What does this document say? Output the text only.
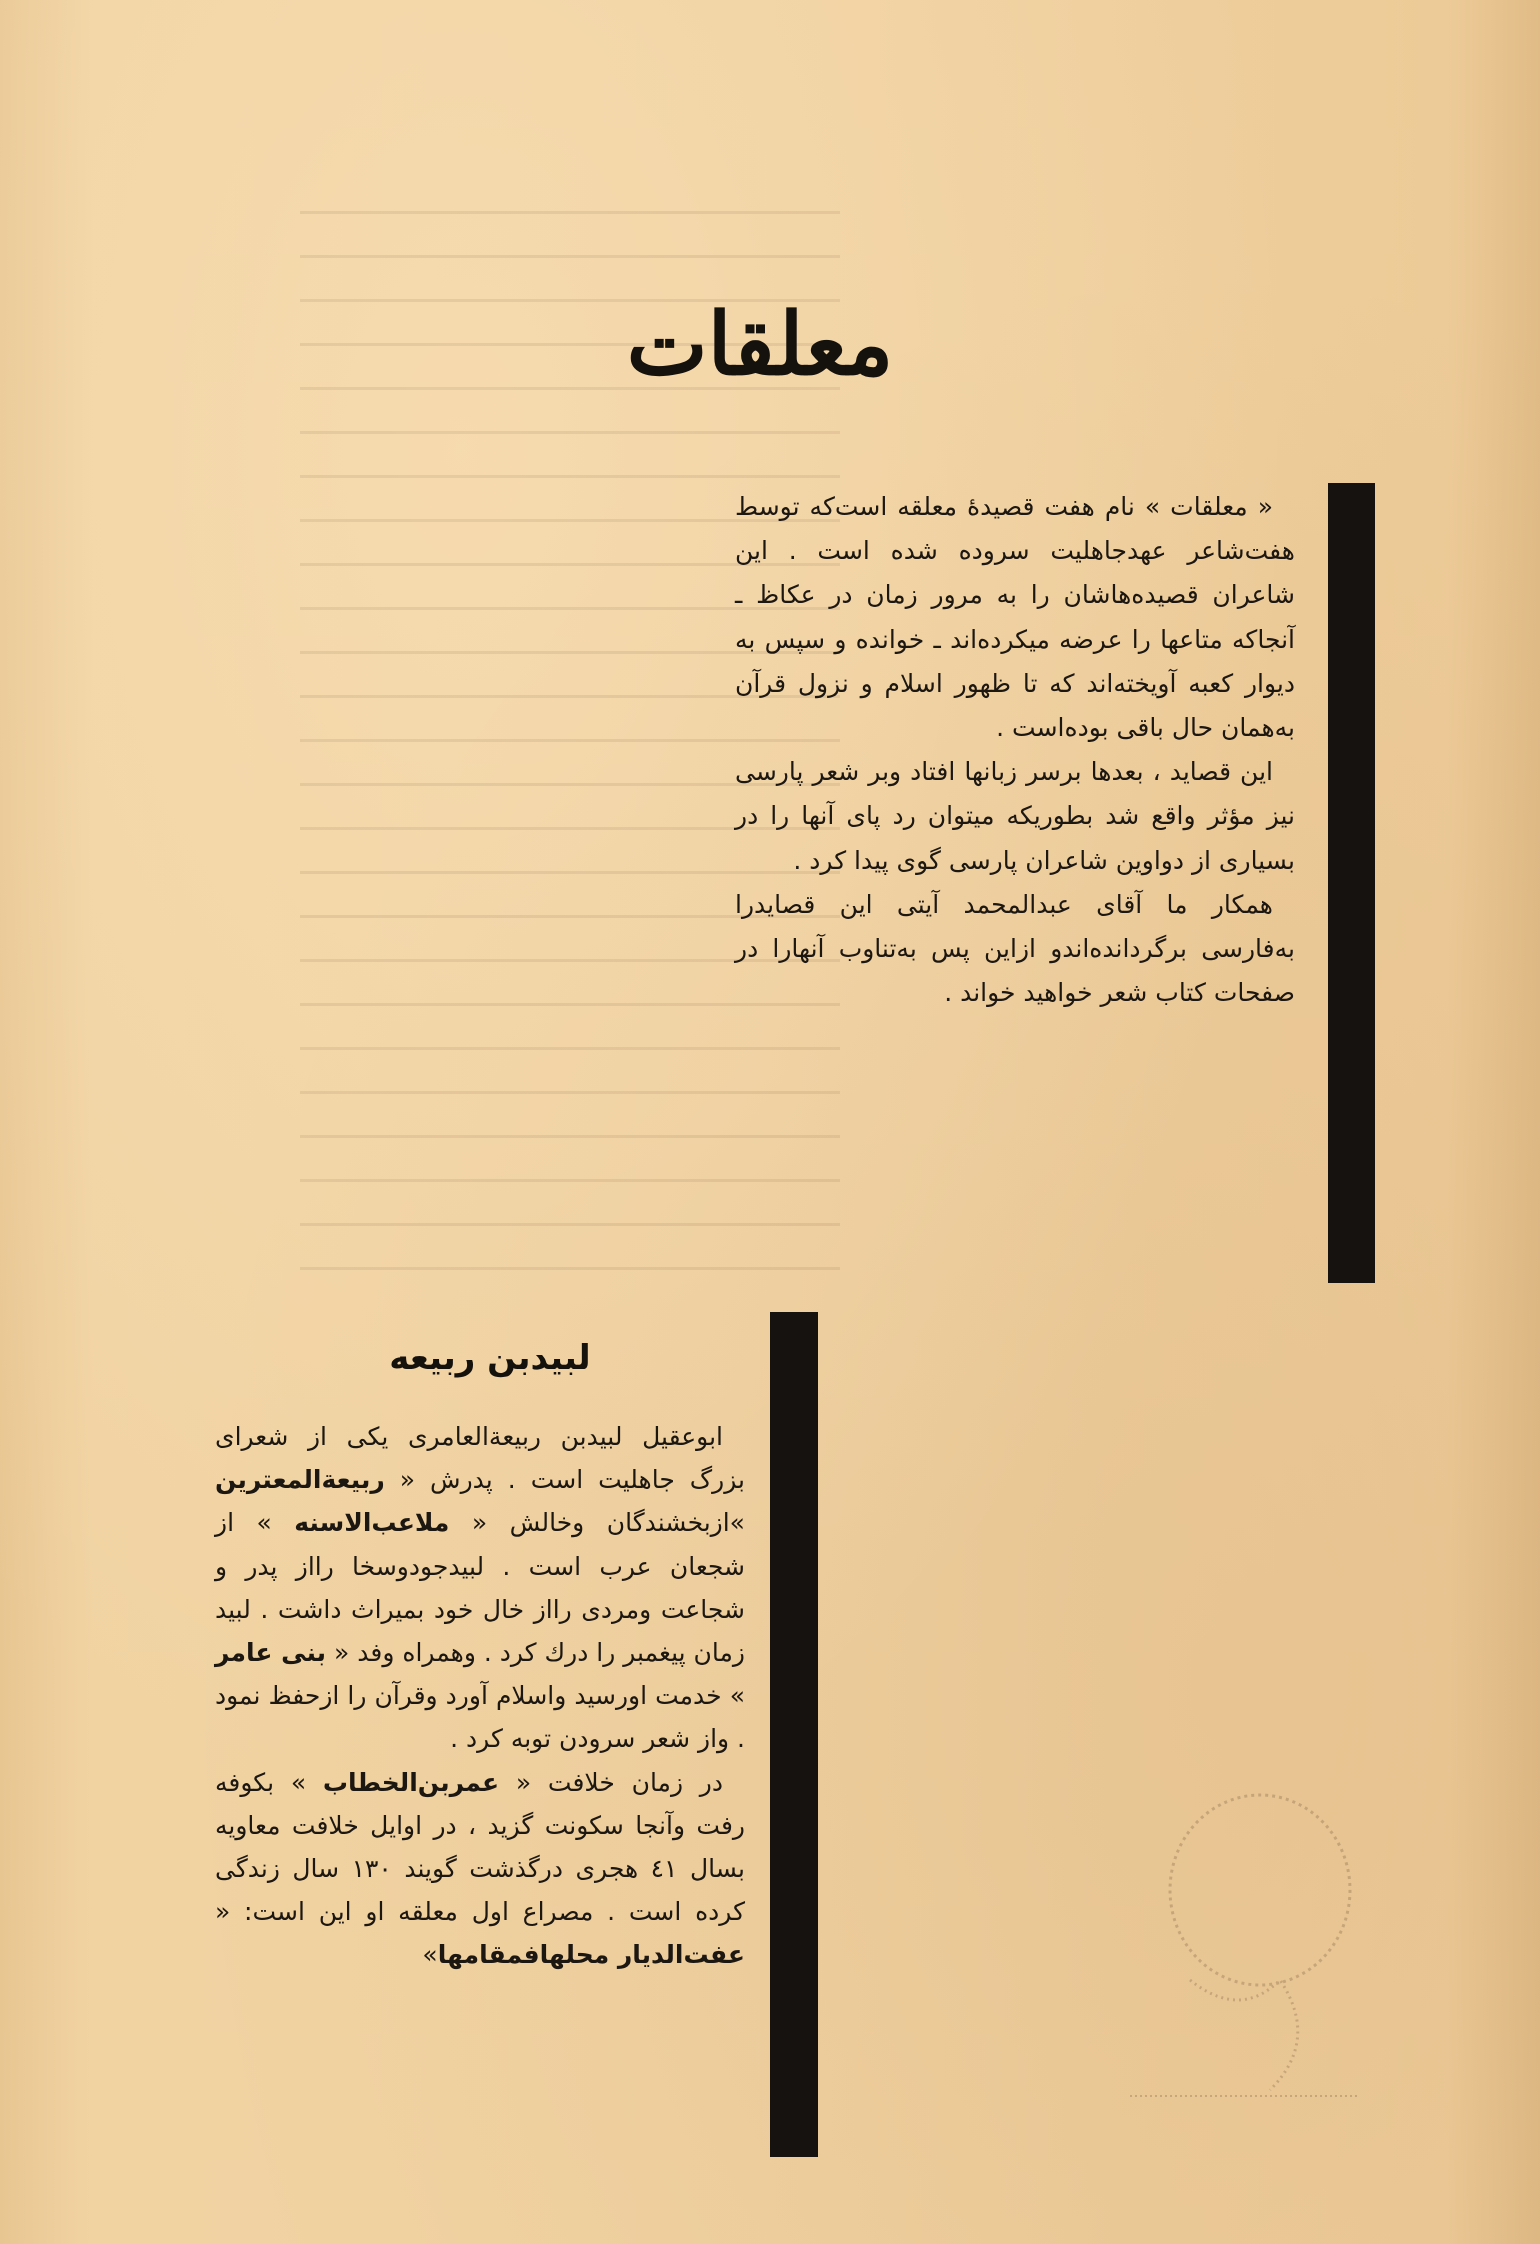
معلقات

« معلقات » نام هفت قصیدهٔ معلقه است‌که توسط هفت‌شاعر عهدجاهلیت سروده شده است . این شاعران قصیده‌هاشان را به مرور زمان در عکاظ ـ آنجاکه متاعها را عرضه میکرده‌اند ـ خوانده و سپس به دیوار کعبه آویخته‌اند که تا ظهور اسلام و نزول قرآن به‌همان حال باقی بوده‌است .

این قصاید ، بعدها برسر زبانها افتاد وبر شعر پارسی نیز مؤثر واقع شد بطوریکه میتوان رد پای آنها را در بسیاری از دواوین شاعران پارسی گوی پیدا کرد .

همکار ما آقای عبدالمحمد آیتی این قصایدرا به‌فارسی برگردانده‌اندو ازاین پس به‌تناوب آنهارا در صفحات کتاب شعر خواهید خواند .

لبیدبن ربیعه

ابوعقیل لبیدبن ربیعة‌العامری یکی از شعرای بزرگ جاهلیت است . پدرش « ربیعة‌المعترین »ازبخشندگان وخالش « ملاعب‌الاسنه » از شجعان عرب است . لبیدجودوسخا رااز پدر و شجاعت ومردی رااز خال خود بمیراث داشت . لبید زمان پیغمبر را درك کرد . وهمراه وفد « بنی عامر » خدمت اورسید واسلام آورد وقرآن را ازحفظ نمود . واز شعر سرودن توبه کرد .

در زمان خلافت « عمربن‌الخطاب » بکوفه رفت وآنجا سکونت گزید ، در اوایل خلافت معاویه بسال ٤١ هجری درگذشت گویند ١٣٠ سال زندگی کرده است . مصراع اول معلقه او این است: « عفت‌الدیار محلهافمقامها»
